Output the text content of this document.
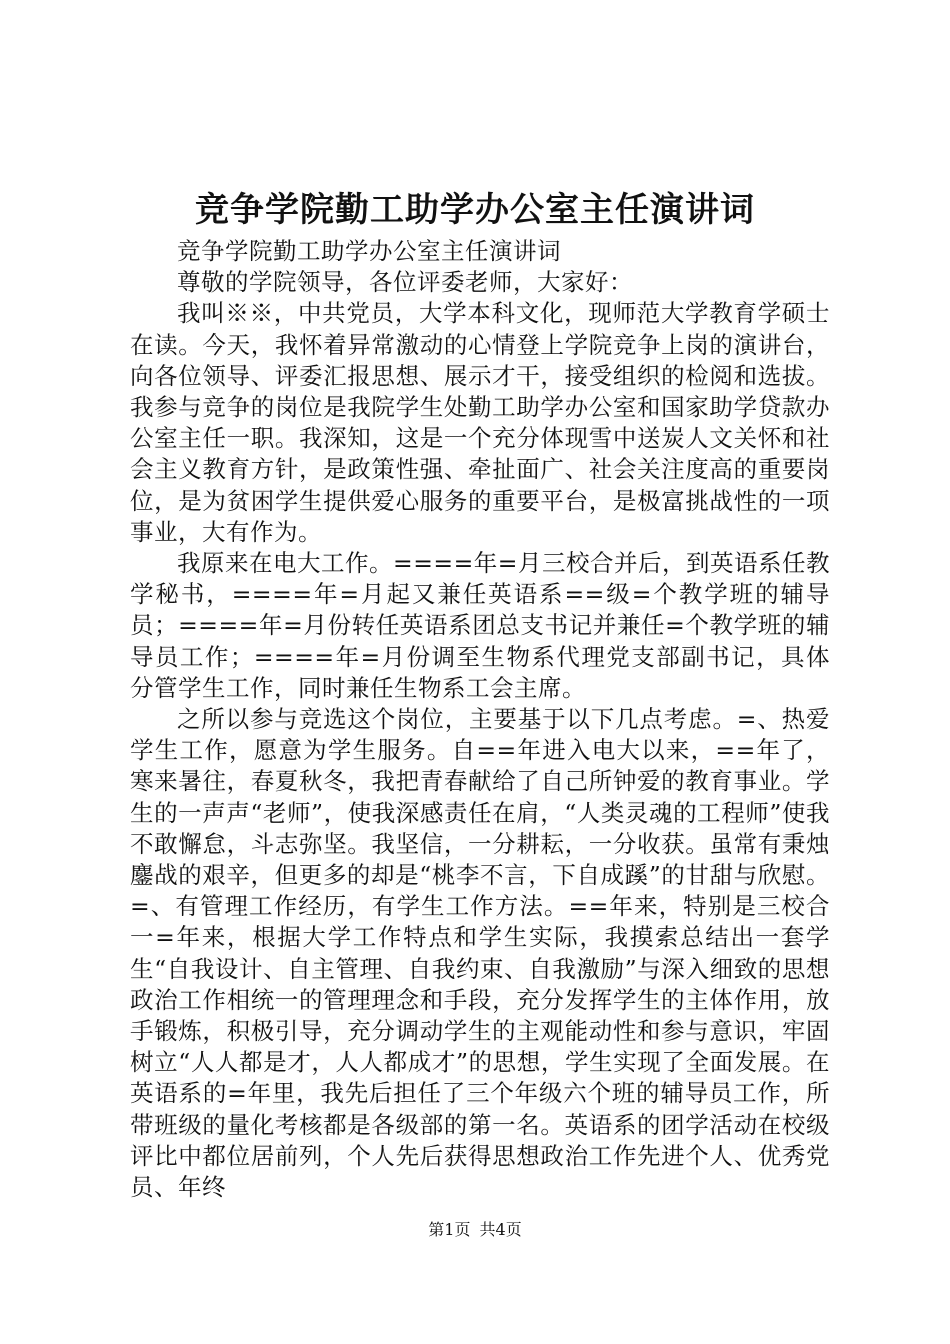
竞争学院勤工助学办公室主任演讲词

竞争学院勤工助学办公室主任演讲词

尊敬的学院领导，各位评委老师，大家好：

我叫※※，中共党员，大学本科文化，现师范大学教育学硕士在读。今天，我怀着异常激动的心情登上学院竞争上岗的演讲台，向各位领导、评委汇报思想、展示才干，接受组织的检阅和选拔。我参与竞争的岗位是我院学生处勤工助学办公室和国家助学贷款办公室主任一职。我深知，这是一个充分体现雪中送炭人文关怀和社会主义教育方针，是政策性强、牵扯面广、社会关注度高的重要岗位，是为贫困学生提供爱心服务的重要平台，是极富挑战性的一项事业，大有作为。

我原来在电大工作。====年=月三校合并后，到英语系任教学秘书，====年=月起又兼任英语系==级=个教学班的辅导员；====年=月份转任英语系团总支书记并兼任=个教学班的辅导员工作；====年=月份调至生物系代理党支部副书记，具体分管学生工作，同时兼任生物系工会主席。

之所以参与竞选这个岗位，主要基于以下几点考虑。=、热爱学生工作，愿意为学生服务。自==年进入电大以来，==年了，寒来暑往，春夏秋冬，我把青春献给了自己所钟爱的教育事业。学生的一声声“老师”，使我深感责任在肩，“人类灵魂的工程师”使我不敢懈怠，斗志弥坚。我坚信，一分耕耘，一分收获。虽常有秉烛鏖战的艰辛，但更多的却是“桃李不言，下自成蹊”的甘甜与欣慰。=、有管理工作经历，有学生工作方法。==年来，特别是三校合一=年来，根据大学工作特点和学生实际，我摸索总结出一套学生“自我设计、自主管理、自我约束、自我激励”与深入细致的思想政治工作相统一的管理理念和手段，充分发挥学生的主体作用，放手锻炼，积极引导，充分调动学生的主观能动性和参与意识，牢固树立“人人都是才，人人都成才”的思想，学生实现了全面发展。在英语系的=年里，我先后担任了三个年级六个班的辅导员工作，所带班级的量化考核都是各级部的第一名。英语系的团学活动在校级评比中都位居前列，个人先后获得思想政治工作先进个人、优秀党员、年终

第1页 共4页
